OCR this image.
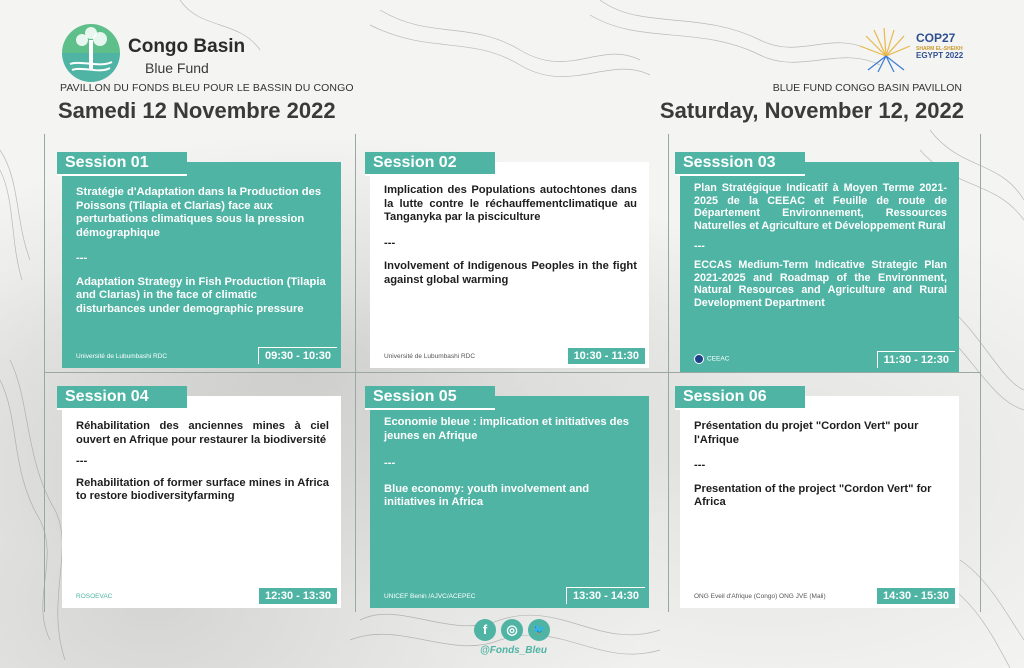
Congo Basin
Blue Fund
PAVILLON DU FONDS BLEU POUR LE BASSIN DU CONGO
Samedi 12 Novembre 2022
BLUE FUND CONGO BASIN PAVILLON
Saturday, November 12, 2022
COP27
SHARM EL-SHEIKH
EGYPT 2022
Session 01
Stratégie d'Adaptation dans la Production des Poissons (Tilapia et Clarias) face aux perturbations climatiques sous la pression démographique
---
Adaptation Strategy in Fish Production (Tilapia and Clarias) in the face of climatic disturbances under demographic pressure
Université de Lubumbashi RDC	09:30 - 10:30
Session 02
Implication des Populations autochtones dans la lutte contre le réchauffementclimatique au Tanganyka par la pisciculture
---
Involvement of Indigenous Peoples in the fight against global warming
Université de Lubumbashi RDC	10:30 - 11:30
Sesssion 03
Plan Stratégique Indicatif à Moyen Terme 2021-2025 de la CEEAC et Feuille de route de Département Environnement, Ressources Naturelles et Agriculture et Développement Rural
---
ECCAS Medium-Term Indicative Strategic Plan 2021-2025 and Roadmap of the Environment, Natural Resources and Agriculture and Rural Development Department
CEEAC	11:30 - 12:30
Session 04
Réhabilitation des anciennes mines à ciel ouvert en Afrique pour restaurer la biodiversité
---
Rehabilitation of former surface mines in Africa to restore biodiversityfarming
ROSOEVAC	12:30 - 13:30
Session 05
Economie bleue : implication et initiatives des jeunes en Afrique
---
Blue economy: youth involvement and initiatives in Africa
UNICEF Benin /AJVC/ACEPEC	13:30 - 14:30
Session 06
Présentation du projet "Cordon Vert" pour l'Afrique
---
Presentation of the project "Cordon Vert" for Africa
ONG Eveil d'Afrique (Congo) ONG JVE (Mali)	14:30 - 15:30
f	◎	🐦
@Fonds_Bleu
